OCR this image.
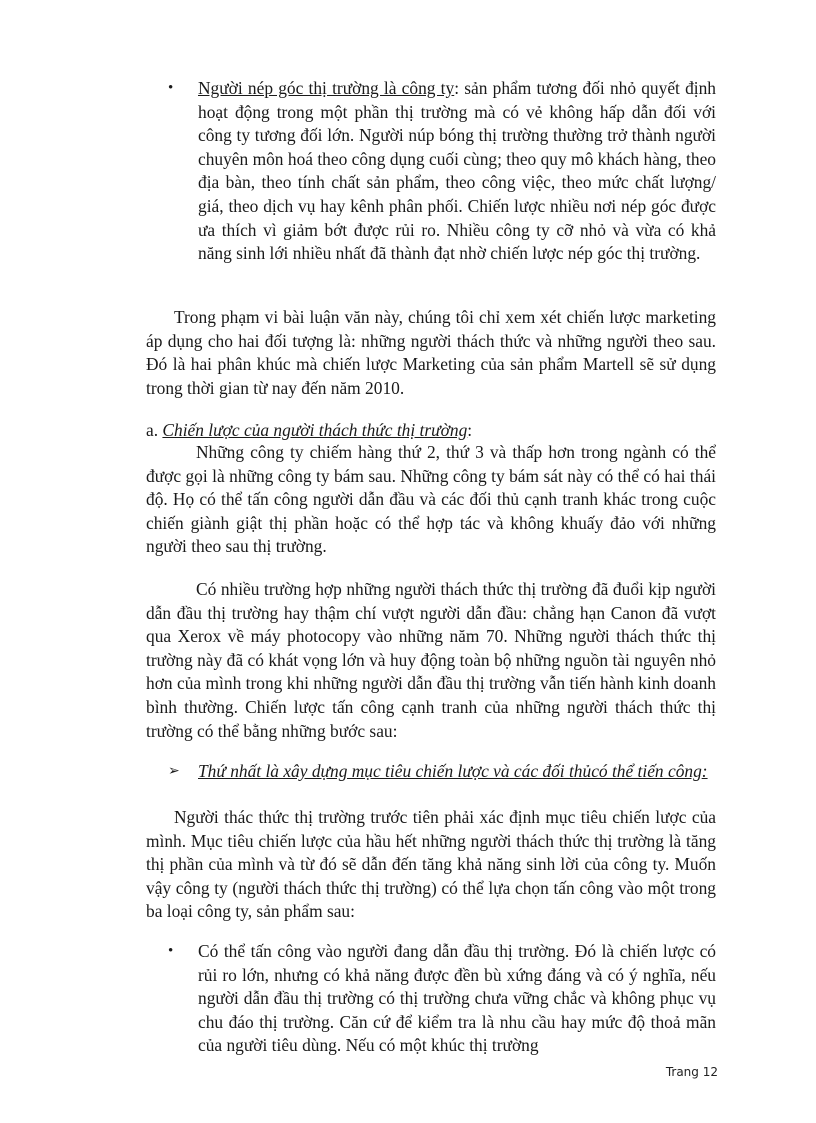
•	Người nép góc thị trường là công ty: sản phẩm tương đối nhỏ quyết định hoạt động trong một phần thị trường mà có vẻ không hấp dẫn đối với công ty tương đối lớn. Người núp bóng thị trường thường trở thành người chuyên môn hoá theo công dụng cuối cùng; theo quy mô khách hàng, theo địa bàn, theo tính chất sản phẩm, theo công việc, theo mức chất lượng/ giá, theo dịch vụ hay kênh phân phối. Chiến lược nhiều nơi nép góc được ưa thích vì giảm bớt được rủi ro. Nhiều công ty cỡ nhỏ và vừa có khả năng sinh lới nhiều nhất đã thành đạt nhờ chiến lược nép góc thị trường.

Trong phạm vi bài luận văn này, chúng tôi chỉ xem xét chiến lược marketing áp dụng cho hai đối tượng là: những người thách thức và những người theo sau. Đó là hai phân khúc mà chiến lược Marketing của sản phẩm Martell sẽ sử dụng trong thời gian từ nay đến năm 2010.

a. Chiến lược của người thách thức thị trường:

Những công ty chiếm hàng thứ 2, thứ 3 và thấp hơn trong ngành có thể được gọi là những công ty bám sau. Những công ty bám sát này có thể có hai thái độ. Họ có thể tấn công người dẫn đầu và các đối thủ cạnh tranh khác trong cuộc chiến giành giật thị phần hoặc có thể hợp tác và không khuấy đảo với những người theo sau thị trường.

Có nhiều trường hợp những người thách thức thị trường đã đuổi kịp người dẫn đầu thị trường hay thậm chí vượt người dẫn đầu: chẳng hạn Canon đã vượt qua Xerox về máy photocopy vào những năm 70. Những người thách thức thị trường này đã có khát vọng lớn và huy động toàn bộ những nguồn tài nguyên nhỏ hơn của mình trong khi những người dẫn đầu thị trường vẫn tiến hành kinh doanh bình thường. Chiến lược tấn công cạnh tranh của những người thách thức thị trường có thể bằng những bước sau:

➢ Thứ nhất là xây dựng mục tiêu chiến lược và các đối thủcó thể tiến công:

Người thác thức thị trường trước tiên phải xác định mục tiêu chiến lược của mình. Mục tiêu chiến lược của hầu hết những người thách thức thị trường là tăng thị phần của mình và từ đó sẽ dẫn đến tăng khả năng sinh lời của công ty. Muốn vậy công ty (người thách thức thị trường) có thể lựa chọn tấn công vào một trong ba loại công ty, sản phẩm sau:

•	Có thể tấn công vào người đang dẫn đầu thị trường. Đó là chiến lược có rủi ro lớn, nhưng có khả năng được đền bù xứng đáng và có ý nghĩa, nếu người dẫn đầu thị trường có thị trường chưa vững chắc và không phục vụ chu đáo thị trường. Căn cứ để kiểm tra là nhu cầu hay mức độ thoả mãn của người tiêu dùng. Nếu có một khúc thị trường
Trang 12
